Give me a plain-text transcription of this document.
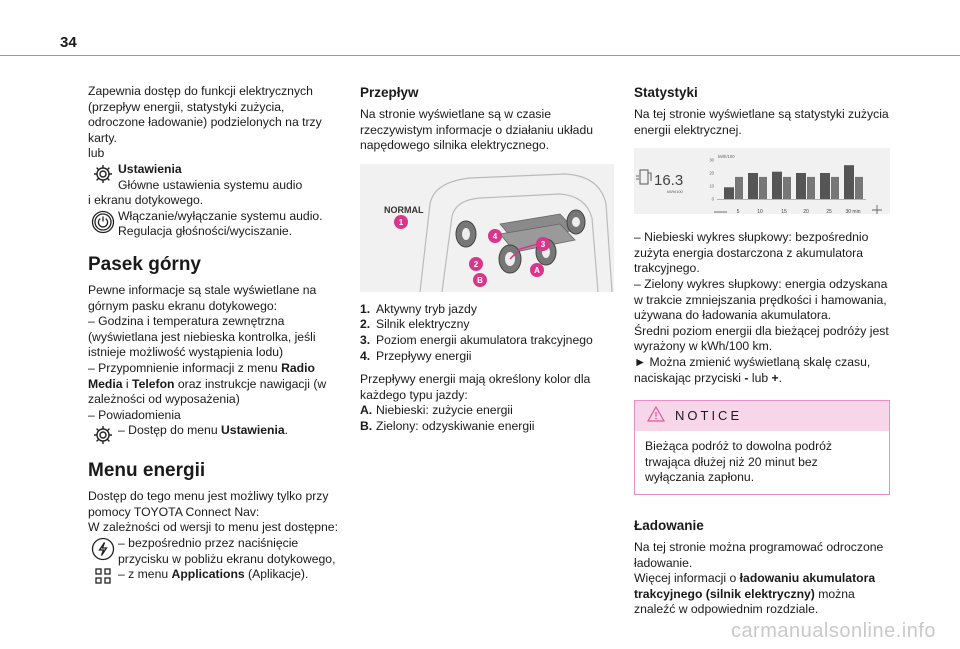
34

Zapewnia dostęp do funkcji elektrycznych (przepływ energii, statystyki zużycia, odroczone ładowanie) podzielonych na trzy karty.

lub

Ustawienia

Główne ustawienia systemu audio

i ekranu dotykowego.

Włączanie/wyłączanie systemu audio. Regulacja głośności/wyciszanie.

Pasek górny

Pewne informacje są stale wyświetlane na górnym pasku ekranu dotykowego:

– Godzina i temperatura zewnętrzna (wyświetlana jest niebieska kontrolka, jeśli istnieje możliwość wystąpienia lodu)

– Przypomnienie informacji z menu Radio Media i Telefon oraz instrukcje nawigacji (w zależności od wyposażenia)

– Powiadomienia

– Dostęp do menu Ustawienia.

Menu energii

Dostęp do tego menu jest możliwy tylko przy pomocy TOYOTA Connect Nav:

W zależności od wersji to menu jest dostępne:

– bezpośrednio przez naciśnięcie przycisku w pobliżu ekranu dotykowego,

– z menu Applications (Aplikacje).

Przepływ

Na stronie wyświetlane są w czasie rzeczywistym informacje o działaniu układu napędowego silnika elektrycznego.

NORMAL
1
2
3
4
A
B
1. Aktywny tryb jazdy
2. Silnik elektryczny
3. Poziom energii akumulatora trakcyjnego
4. Przepływy energii

Przepływy energii mają określony kolor dla każdego typu jazdy:

A. Niebieski: zużycie energii
B. Zielony: odzyskiwanie energii
Statystyki

Na tej stronie wyświetlane są statystyki zużycia energii elektrycznej.

16.3
kWh/100
kWh/100
30
20
10
0
5	10	15	20	25	30 min

– Niebieski wykres słupkowy: bezpośrednio zużyta energia dostarczona z akumulatora trakcyjnego.

– Zielony wykres słupkowy: energia odzyskana w trakcie zmniejszania prędkości i hamowania, używana do ładowania akumulatora.

Średni poziom energii dla bieżącej podróży jest wyrażony w kWh/100 km.

► Można zmienić wyświetlaną skalę czasu, naciskając przyciski - lub +.

NOTICE
Bieżąca podróż to dowolna podróż trwająca dłużej niż 20 minut bez wyłączania zapłonu.
Ładowanie

Na tej stronie można programować odroczone ładowanie.

Więcej informacji o ładowaniu akumulatora trakcyjnego (silnik elektryczny) można znaleźć w odpowiednim rozdziale.

carmanualsonline.info
